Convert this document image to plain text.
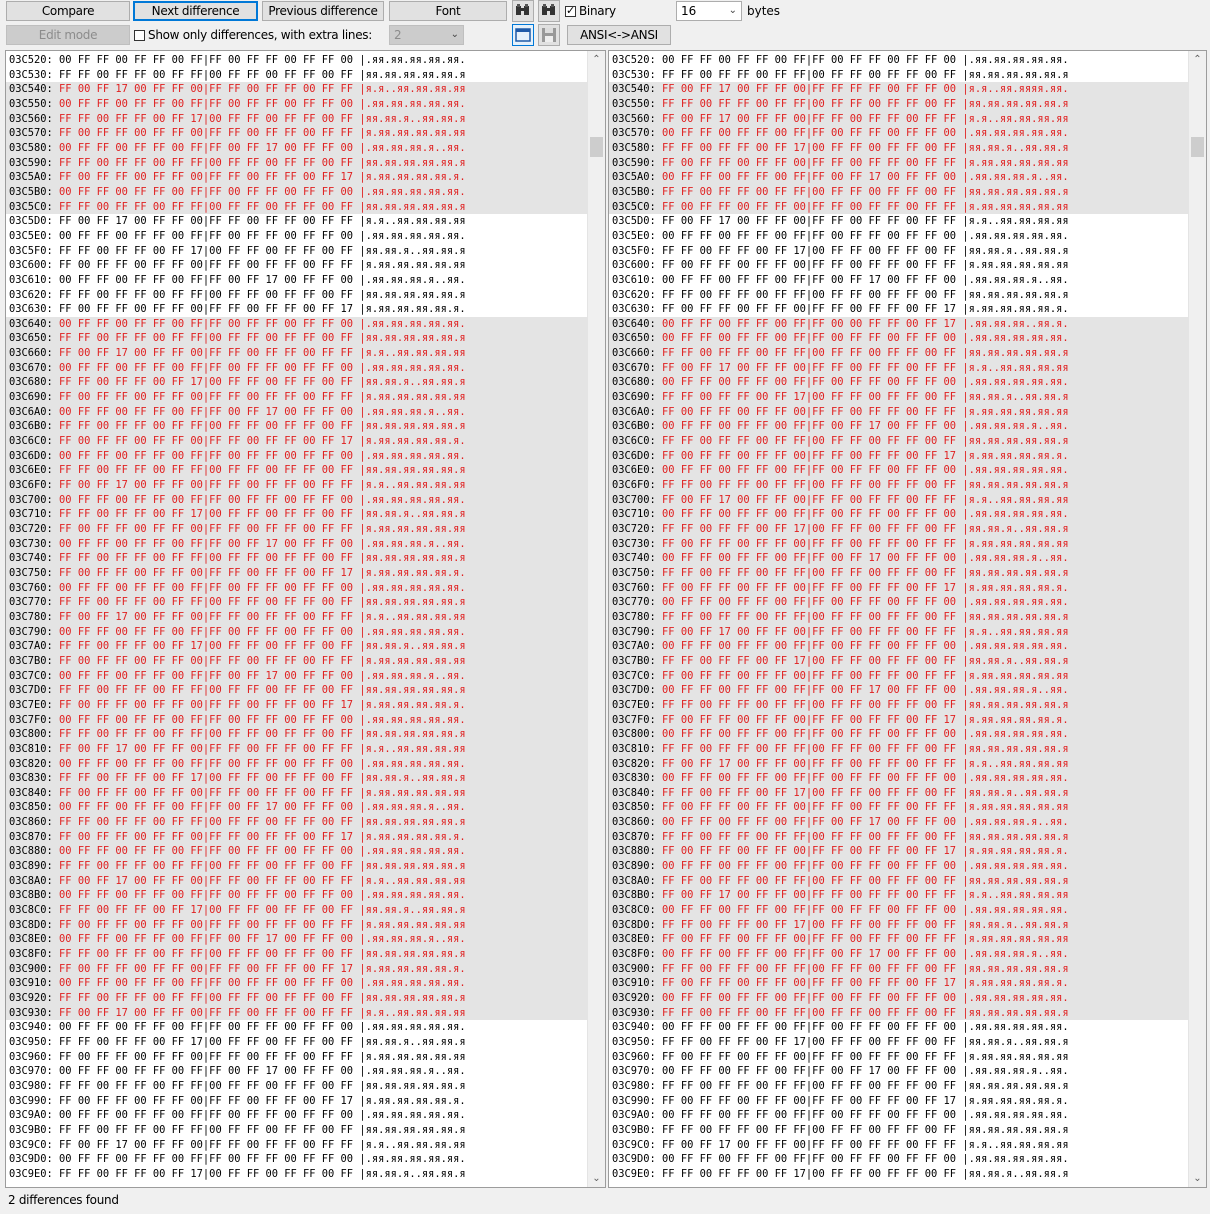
Compare	Next difference	Previous difference	Font
✓	Binary	16	⌄ bytes
Edit mode	Show only differences, with extra lines:	2	⌄	ANSI<->ANSI
03C520: 00 FF FF 00 FF FF 00 FF|FF 00 FF FF 00 FF FF 00 |.яя.яя.яя.яя.яя.
03C530: FF FF 00 FF FF 00 FF FF|00 FF FF 00 FF FF 00 FF |яя.яя.яя.яя.яя.я
03C540: FF 00 FF 17 00 FF FF 00|FF FF 00 FF FF 00 FF FF |я.я..яя.яя.яя.яя
03C550: 00 FF FF 00 FF FF 00 FF|FF 00 FF FF 00 FF FF 00 |.яя.яя.яя.яя.яя.
03C560: FF FF 00 FF FF 00 FF 17|00 FF FF 00 FF FF 00 FF |яя.яя.я..яя.яя.я
03C570: FF 00 FF FF 00 FF FF 00|FF FF 00 FF FF 00 FF FF |я.яя.яя.яя.яя.яя
03C580: 00 FF FF 00 FF FF 00 FF|FF 00 FF 17 00 FF FF 00 |.яя.яя.яя.я..яя.
03C590: FF FF 00 FF FF 00 FF FF|00 FF FF 00 FF FF 00 FF |яя.яя.яя.яя.яя.я
03C5A0: FF 00 FF FF 00 FF FF 00|FF FF 00 FF FF 00 FF 17 |я.яя.яя.яя.яя.я.
03C5B0: 00 FF FF 00 FF FF 00 FF|FF 00 FF FF 00 FF FF 00 |.яя.яя.яя.яя.яя.
03C5C0: FF FF 00 FF FF 00 FF FF|00 FF FF 00 FF FF 00 FF |яя.яя.яя.яя.яя.я
03C5D0: FF 00 FF 17 00 FF FF 00|FF FF 00 FF FF 00 FF FF |я.я..яя.яя.яя.яя
03C5E0: 00 FF FF 00 FF FF 00 FF|FF 00 FF FF 00 FF FF 00 |.яя.яя.яя.яя.яя.
03C5F0: FF FF 00 FF FF 00 FF 17|00 FF FF 00 FF FF 00 FF |яя.яя.я..яя.яя.я
03C600: FF 00 FF FF 00 FF FF 00|FF FF 00 FF FF 00 FF FF |я.яя.яя.яя.яя.яя
03C610: 00 FF FF 00 FF FF 00 FF|FF 00 FF 17 00 FF FF 00 |.яя.яя.яя.я..яя.
03C620: FF FF 00 FF FF 00 FF FF|00 FF FF 00 FF FF 00 FF |яя.яя.яя.яя.яя.я
03C630: FF 00 FF FF 00 FF FF 00|FF FF 00 FF FF 00 FF 17 |я.яя.яя.яя.яя.я.
03C640: 00 FF FF 00 FF FF 00 FF|FF 00 FF FF 00 FF FF 00 |.яя.яя.яя.яя.яя.
03C650: FF FF 00 FF FF 00 FF FF|00 FF FF 00 FF FF 00 FF |яя.яя.яя.яя.яя.я
03C660: FF 00 FF 17 00 FF FF 00|FF FF 00 FF FF 00 FF FF |я.я..яя.яя.яя.яя
03C670: 00 FF FF 00 FF FF 00 FF|FF 00 FF FF 00 FF FF 00 |.яя.яя.яя.яя.яя.
03C680: FF FF 00 FF FF 00 FF 17|00 FF FF 00 FF FF 00 FF |яя.яя.я..яя.яя.я
03C690: FF 00 FF FF 00 FF FF 00|FF FF 00 FF FF 00 FF FF |я.яя.яя.яя.яя.яя
03C6A0: 00 FF FF 00 FF FF 00 FF|FF 00 FF 17 00 FF FF 00 |.яя.яя.яя.я..яя.
03C6B0: FF FF 00 FF FF 00 FF FF|00 FF FF 00 FF FF 00 FF |яя.яя.яя.яя.яя.я
03C6C0: FF 00 FF FF 00 FF FF 00|FF FF 00 FF FF 00 FF 17 |я.яя.яя.яя.яя.я.
03C6D0: 00 FF FF 00 FF FF 00 FF|FF 00 FF FF 00 FF FF 00 |.яя.яя.яя.яя.яя.
03C6E0: FF FF 00 FF FF 00 FF FF|00 FF FF 00 FF FF 00 FF |яя.яя.яя.яя.яя.я
03C6F0: FF 00 FF 17 00 FF FF 00|FF FF 00 FF FF 00 FF FF |я.я..яя.яя.яя.яя
03C700: 00 FF FF 00 FF FF 00 FF|FF 00 FF FF 00 FF FF 00 |.яя.яя.яя.яя.яя.
03C710: FF FF 00 FF FF 00 FF 17|00 FF FF 00 FF FF 00 FF |яя.яя.я..яя.яя.я
03C720: FF 00 FF FF 00 FF FF 00|FF FF 00 FF FF 00 FF FF |я.яя.яя.яя.яя.яя
03C730: 00 FF FF 00 FF FF 00 FF|FF 00 FF 17 00 FF FF 00 |.яя.яя.яя.я..яя.
03C740: FF FF 00 FF FF 00 FF FF|00 FF FF 00 FF FF 00 FF |яя.яя.яя.яя.яя.я
03C750: FF 00 FF FF 00 FF FF 00|FF FF 00 FF FF 00 FF 17 |я.яя.яя.яя.яя.я.
03C760: 00 FF FF 00 FF FF 00 FF|FF 00 FF FF 00 FF FF 00 |.яя.яя.яя.яя.яя.
03C770: FF FF 00 FF FF 00 FF FF|00 FF FF 00 FF FF 00 FF |яя.яя.яя.яя.яя.я
03C780: FF 00 FF 17 00 FF FF 00|FF FF 00 FF FF 00 FF FF |я.я..яя.яя.яя.яя
03C790: 00 FF FF 00 FF FF 00 FF|FF 00 FF FF 00 FF FF 00 |.яя.яя.яя.яя.яя.
03C7A0: FF FF 00 FF FF 00 FF 17|00 FF FF 00 FF FF 00 FF |яя.яя.я..яя.яя.я
03C7B0: FF 00 FF FF 00 FF FF 00|FF FF 00 FF FF 00 FF FF |я.яя.яя.яя.яя.яя
03C7C0: 00 FF FF 00 FF FF 00 FF|FF 00 FF 17 00 FF FF 00 |.яя.яя.яя.я..яя.
03C7D0: FF FF 00 FF FF 00 FF FF|00 FF FF 00 FF FF 00 FF |яя.яя.яя.яя.яя.я
03C7E0: FF 00 FF FF 00 FF FF 00|FF FF 00 FF FF 00 FF 17 |я.яя.яя.яя.яя.я.
03C7F0: 00 FF FF 00 FF FF 00 FF|FF 00 FF FF 00 FF FF 00 |.яя.яя.яя.яя.яя.
03C800: FF FF 00 FF FF 00 FF FF|00 FF FF 00 FF FF 00 FF |яя.яя.яя.яя.яя.я
03C810: FF 00 FF 17 00 FF FF 00|FF FF 00 FF FF 00 FF FF |я.я..яя.яя.яя.яя
03C820: 00 FF FF 00 FF FF 00 FF|FF 00 FF FF 00 FF FF 00 |.яя.яя.яя.яя.яя.
03C830: FF FF 00 FF FF 00 FF 17|00 FF FF 00 FF FF 00 FF |яя.яя.я..яя.яя.я
03C840: FF 00 FF FF 00 FF FF 00|FF FF 00 FF FF 00 FF FF |я.яя.яя.яя.яя.яя
03C850: 00 FF FF 00 FF FF 00 FF|FF 00 FF 17 00 FF FF 00 |.яя.яя.яя.я..яя.
03C860: FF FF 00 FF FF 00 FF FF|00 FF FF 00 FF FF 00 FF |яя.яя.яя.яя.яя.я
03C870: FF 00 FF FF 00 FF FF 00|FF FF 00 FF FF 00 FF 17 |я.яя.яя.яя.яя.я.
03C880: 00 FF FF 00 FF FF 00 FF|FF 00 FF FF 00 FF FF 00 |.яя.яя.яя.яя.яя.
03C890: FF FF 00 FF FF 00 FF FF|00 FF FF 00 FF FF 00 FF |яя.яя.яя.яя.яя.я
03C8A0: FF 00 FF 17 00 FF FF 00|FF FF 00 FF FF 00 FF FF |я.я..яя.яя.яя.яя
03C8B0: 00 FF FF 00 FF FF 00 FF|FF 00 FF FF 00 FF FF 00 |.яя.яя.яя.яя.яя.
03C8C0: FF FF 00 FF FF 00 FF 17|00 FF FF 00 FF FF 00 FF |яя.яя.я..яя.яя.я
03C8D0: FF 00 FF FF 00 FF FF 00|FF FF 00 FF FF 00 FF FF |я.яя.яя.яя.яя.яя
03C8E0: 00 FF FF 00 FF FF 00 FF|FF 00 FF 17 00 FF FF 00 |.яя.яя.яя.я..яя.
03C8F0: FF FF 00 FF FF 00 FF FF|00 FF FF 00 FF FF 00 FF |яя.яя.яя.яя.яя.я
03C900: FF 00 FF FF 00 FF FF 00|FF FF 00 FF FF 00 FF 17 |я.яя.яя.яя.яя.я.
03C910: 00 FF FF 00 FF FF 00 FF|FF 00 FF FF 00 FF FF 00 |.яя.яя.яя.яя.яя.
03C920: FF FF 00 FF FF 00 FF FF|00 FF FF 00 FF FF 00 FF |яя.яя.яя.яя.яя.я
03C930: FF 00 FF 17 00 FF FF 00|FF FF 00 FF FF 00 FF FF |я.я..яя.яя.яя.яя
03C940: 00 FF FF 00 FF FF 00 FF|FF 00 FF FF 00 FF FF 00 |.яя.яя.яя.яя.яя.
03C950: FF FF 00 FF FF 00 FF 17|00 FF FF 00 FF FF 00 FF |яя.яя.я..яя.яя.я
03C960: FF 00 FF FF 00 FF FF 00|FF FF 00 FF FF 00 FF FF |я.яя.яя.яя.яя.яя
03C970: 00 FF FF 00 FF FF 00 FF|FF 00 FF 17 00 FF FF 00 |.яя.яя.яя.я..яя.
03C980: FF FF 00 FF FF 00 FF FF|00 FF FF 00 FF FF 00 FF |яя.яя.яя.яя.яя.я
03C990: FF 00 FF FF 00 FF FF 00|FF FF 00 FF FF 00 FF 17 |я.яя.яя.яя.яя.я.
03C9A0: 00 FF FF 00 FF FF 00 FF|FF 00 FF FF 00 FF FF 00 |.яя.яя.яя.яя.яя.
03C9B0: FF FF 00 FF FF 00 FF FF|00 FF FF 00 FF FF 00 FF |яя.яя.яя.яя.яя.я
03C9C0: FF 00 FF 17 00 FF FF 00|FF FF 00 FF FF 00 FF FF |я.я..яя.яя.яя.яя
03C9D0: 00 FF FF 00 FF FF 00 FF|FF 00 FF FF 00 FF FF 00 |.яя.яя.яя.яя.яя.
03C9E0: FF FF 00 FF FF 00 FF 17|00 FF FF 00 FF FF 00 FF |яя.яя.я..яя.яя.я
⌃
⌄
03C520: 00 FF FF 00 FF FF 00 FF|FF 00 FF FF 00 FF FF 00 |.яя.яя.яя.яя.яя.
03C530: FF FF 00 FF FF 00 FF FF|00 FF FF 00 FF FF 00 FF |яя.яя.яя.яя.яя.я
03C540: FF 00 FF 17 00 FF FF 00|FF FF FF FF 00 FF FF 00 |я.я..яя.яяяя.яя.
03C550: FF FF 00 FF FF 00 FF FF|00 FF FF 00 FF FF 00 FF |яя.яя.яя.яя.яя.я
03C560: FF 00 FF 17 00 FF FF 00|FF FF 00 FF FF 00 FF FF |я.я..яя.яя.яя.яя
03C570: 00 FF FF 00 FF FF 00 FF|FF 00 FF FF 00 FF FF 00 |.яя.яя.яя.яя.яя.
03C580: FF FF 00 FF FF 00 FF 17|00 FF FF 00 FF FF 00 FF |яя.яя.я..яя.яя.я
03C590: FF 00 FF FF 00 FF FF 00|FF FF 00 FF FF 00 FF FF |я.яя.яя.яя.яя.яя
03C5A0: 00 FF FF 00 FF FF 00 FF|FF 00 FF 17 00 FF FF 00 |.яя.яя.яя.я..яя.
03C5B0: FF FF 00 FF FF 00 FF FF|00 FF FF 00 FF FF 00 FF |яя.яя.яя.яя.яя.я
03C5C0: FF 00 FF FF 00 FF FF 00|FF FF 00 FF FF 00 FF FF |я.яя.яя.яя.яя.яя
03C5D0: FF 00 FF 17 00 FF FF 00|FF FF 00 FF FF 00 FF FF |я.я..яя.яя.яя.яя
03C5E0: 00 FF FF 00 FF FF 00 FF|FF 00 FF FF 00 FF FF 00 |.яя.яя.яя.яя.яя.
03C5F0: FF FF 00 FF FF 00 FF 17|00 FF FF 00 FF FF 00 FF |яя.яя.я..яя.яя.я
03C600: FF 00 FF FF 00 FF FF 00|FF FF 00 FF FF 00 FF FF |я.яя.яя.яя.яя.яя
03C610: 00 FF FF 00 FF FF 00 FF|FF 00 FF 17 00 FF FF 00 |.яя.яя.яя.я..яя.
03C620: FF FF 00 FF FF 00 FF FF|00 FF FF 00 FF FF 00 FF |яя.яя.яя.яя.яя.я
03C630: FF 00 FF FF 00 FF FF 00|FF FF 00 FF FF 00 FF 17 |я.яя.яя.яя.яя.я.
03C640: 00 FF FF 00 FF FF 00 FF|FF 00 00 FF FF 00 FF 17 |.яя.яя.яя..яя.я.
03C650: 00 FF FF 00 FF FF 00 FF|FF 00 FF FF 00 FF FF 00 |.яя.яя.яя.яя.яя.
03C660: FF FF 00 FF FF 00 FF FF|00 FF FF 00 FF FF 00 FF |яя.яя.яя.яя.яя.я
03C670: FF 00 FF 17 00 FF FF 00|FF FF 00 FF FF 00 FF FF |я.я..яя.яя.яя.яя
03C680: 00 FF FF 00 FF FF 00 FF|FF 00 FF FF 00 FF FF 00 |.яя.яя.яя.яя.яя.
03C690: FF FF 00 FF FF 00 FF 17|00 FF FF 00 FF FF 00 FF |яя.яя.я..яя.яя.я
03C6A0: FF 00 FF FF 00 FF FF 00|FF FF 00 FF FF 00 FF FF |я.яя.яя.яя.яя.яя
03C6B0: 00 FF FF 00 FF FF 00 FF|FF 00 FF 17 00 FF FF 00 |.яя.яя.яя.я..яя.
03C6C0: FF FF 00 FF FF 00 FF FF|00 FF FF 00 FF FF 00 FF |яя.яя.яя.яя.яя.я
03C6D0: FF 00 FF FF 00 FF FF 00|FF FF 00 FF FF 00 FF 17 |я.яя.яя.яя.яя.я.
03C6E0: 00 FF FF 00 FF FF 00 FF|FF 00 FF FF 00 FF FF 00 |.яя.яя.яя.яя.яя.
03C6F0: FF FF 00 FF FF 00 FF FF|00 FF FF 00 FF FF 00 FF |яя.яя.яя.яя.яя.я
03C700: FF 00 FF 17 00 FF FF 00|FF FF 00 FF FF 00 FF FF |я.я..яя.яя.яя.яя
03C710: 00 FF FF 00 FF FF 00 FF|FF 00 FF FF 00 FF FF 00 |.яя.яя.яя.яя.яя.
03C720: FF FF 00 FF FF 00 FF 17|00 FF FF 00 FF FF 00 FF |яя.яя.я..яя.яя.я
03C730: FF 00 FF FF 00 FF FF 00|FF FF 00 FF FF 00 FF FF |я.яя.яя.яя.яя.яя
03C740: 00 FF FF 00 FF FF 00 FF|FF 00 FF 17 00 FF FF 00 |.яя.яя.яя.я..яя.
03C750: FF FF 00 FF FF 00 FF FF|00 FF FF 00 FF FF 00 FF |яя.яя.яя.яя.яя.я
03C760: FF 00 FF FF 00 FF FF 00|FF FF 00 FF FF 00 FF 17 |я.яя.яя.яя.яя.я.
03C770: 00 FF FF 00 FF FF 00 FF|FF 00 FF FF 00 FF FF 00 |.яя.яя.яя.яя.яя.
03C780: FF FF 00 FF FF 00 FF FF|00 FF FF 00 FF FF 00 FF |яя.яя.яя.яя.яя.я
03C790: FF 00 FF 17 00 FF FF 00|FF FF 00 FF FF 00 FF FF |я.я..яя.яя.яя.яя
03C7A0: 00 FF FF 00 FF FF 00 FF|FF 00 FF FF 00 FF FF 00 |.яя.яя.яя.яя.яя.
03C7B0: FF FF 00 FF FF 00 FF 17|00 FF FF 00 FF FF 00 FF |яя.яя.я..яя.яя.я
03C7C0: FF 00 FF FF 00 FF FF 00|FF FF 00 FF FF 00 FF FF |я.яя.яя.яя.яя.яя
03C7D0: 00 FF FF 00 FF FF 00 FF|FF 00 FF 17 00 FF FF 00 |.яя.яя.яя.я..яя.
03C7E0: FF FF 00 FF FF 00 FF FF|00 FF FF 00 FF FF 00 FF |яя.яя.яя.яя.яя.я
03C7F0: FF 00 FF FF 00 FF FF 00|FF FF 00 FF FF 00 FF 17 |я.яя.яя.яя.яя.я.
03C800: 00 FF FF 00 FF FF 00 FF|FF 00 FF FF 00 FF FF 00 |.яя.яя.яя.яя.яя.
03C810: FF FF 00 FF FF 00 FF FF|00 FF FF 00 FF FF 00 FF |яя.яя.яя.яя.яя.я
03C820: FF 00 FF 17 00 FF FF 00|FF FF 00 FF FF 00 FF FF |я.я..яя.яя.яя.яя
03C830: 00 FF FF 00 FF FF 00 FF|FF 00 FF FF 00 FF FF 00 |.яя.яя.яя.яя.яя.
03C840: FF FF 00 FF FF 00 FF 17|00 FF FF 00 FF FF 00 FF |яя.яя.я..яя.яя.я
03C850: FF 00 FF FF 00 FF FF 00|FF FF 00 FF FF 00 FF FF |я.яя.яя.яя.яя.яя
03C860: 00 FF FF 00 FF FF 00 FF|FF 00 FF 17 00 FF FF 00 |.яя.яя.яя.я..яя.
03C870: FF FF 00 FF FF 00 FF FF|00 FF FF 00 FF FF 00 FF |яя.яя.яя.яя.яя.я
03C880: FF 00 FF FF 00 FF FF 00|FF FF 00 FF FF 00 FF 17 |я.яя.яя.яя.яя.я.
03C890: 00 FF FF 00 FF FF 00 FF|FF 00 FF FF 00 FF FF 00 |.яя.яя.яя.яя.яя.
03C8A0: FF FF 00 FF FF 00 FF FF|00 FF FF 00 FF FF 00 FF |яя.яя.яя.яя.яя.я
03C8B0: FF 00 FF 17 00 FF FF 00|FF FF 00 FF FF 00 FF FF |я.я..яя.яя.яя.яя
03C8C0: 00 FF FF 00 FF FF 00 FF|FF 00 FF FF 00 FF FF 00 |.яя.яя.яя.яя.яя.
03C8D0: FF FF 00 FF FF 00 FF 17|00 FF FF 00 FF FF 00 FF |яя.яя.я..яя.яя.я
03C8E0: FF 00 FF FF 00 FF FF 00|FF FF 00 FF FF 00 FF FF |я.яя.яя.яя.яя.яя
03C8F0: 00 FF FF 00 FF FF 00 FF|FF 00 FF 17 00 FF FF 00 |.яя.яя.яя.я..яя.
03C900: FF FF 00 FF FF 00 FF FF|00 FF FF 00 FF FF 00 FF |яя.яя.яя.яя.яя.я
03C910: FF 00 FF FF 00 FF FF 00|FF FF 00 FF FF 00 FF 17 |я.яя.яя.яя.яя.я.
03C920: 00 FF FF 00 FF FF 00 FF|FF 00 FF FF 00 FF FF 00 |.яя.яя.яя.яя.яя.
03C930: FF FF 00 FF FF 00 FF FF|00 FF FF 00 FF FF 00 FF |яя.яя.яя.яя.яя.я
03C940: 00 FF FF 00 FF FF 00 FF|FF 00 FF FF 00 FF FF 00 |.яя.яя.яя.яя.яя.
03C950: FF FF 00 FF FF 00 FF 17|00 FF FF 00 FF FF 00 FF |яя.яя.я..яя.яя.я
03C960: FF 00 FF FF 00 FF FF 00|FF FF 00 FF FF 00 FF FF |я.яя.яя.яя.яя.яя
03C970: 00 FF FF 00 FF FF 00 FF|FF 00 FF 17 00 FF FF 00 |.яя.яя.яя.я..яя.
03C980: FF FF 00 FF FF 00 FF FF|00 FF FF 00 FF FF 00 FF |яя.яя.яя.яя.яя.я
03C990: FF 00 FF FF 00 FF FF 00|FF FF 00 FF FF 00 FF 17 |я.яя.яя.яя.яя.я.
03C9A0: 00 FF FF 00 FF FF 00 FF|FF 00 FF FF 00 FF FF 00 |.яя.яя.яя.яя.яя.
03C9B0: FF FF 00 FF FF 00 FF FF|00 FF FF 00 FF FF 00 FF |яя.яя.яя.яя.яя.я
03C9C0: FF 00 FF 17 00 FF FF 00|FF FF 00 FF FF 00 FF FF |я.я..яя.яя.яя.яя
03C9D0: 00 FF FF 00 FF FF 00 FF|FF 00 FF FF 00 FF FF 00 |.яя.яя.яя.яя.яя.
03C9E0: FF FF 00 FF FF 00 FF 17|00 FF FF 00 FF FF 00 FF |яя.яя.я..яя.яя.я
⌃
⌄
2 differences found
